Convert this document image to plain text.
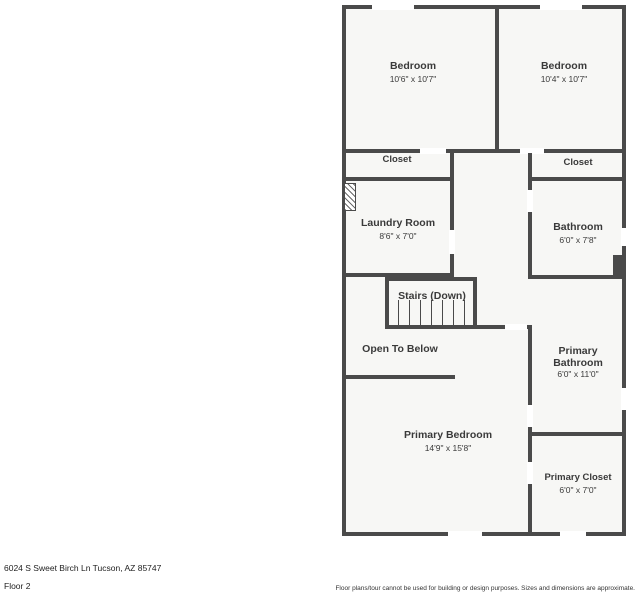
Bedroom
10'6" x 10'7"
Bedroom
10'4" x 10'7"
Closet	Closet
Laundry Room
8'6" x 7'0"
Bathroom
6'0" x 7'8"
Stairs (Down)
Open To Below	Primary Bathroom
6'0" x 11'0"
Primary Bedroom
14'9" x 15'8"
Primary Closet
6'0" x 7'0"
6024 S Sweet Birch Ln Tucson, AZ 85747
Floor 2	Floor plans/tour cannot be used for building or design purposes. Sizes and dimensions are approximate.
